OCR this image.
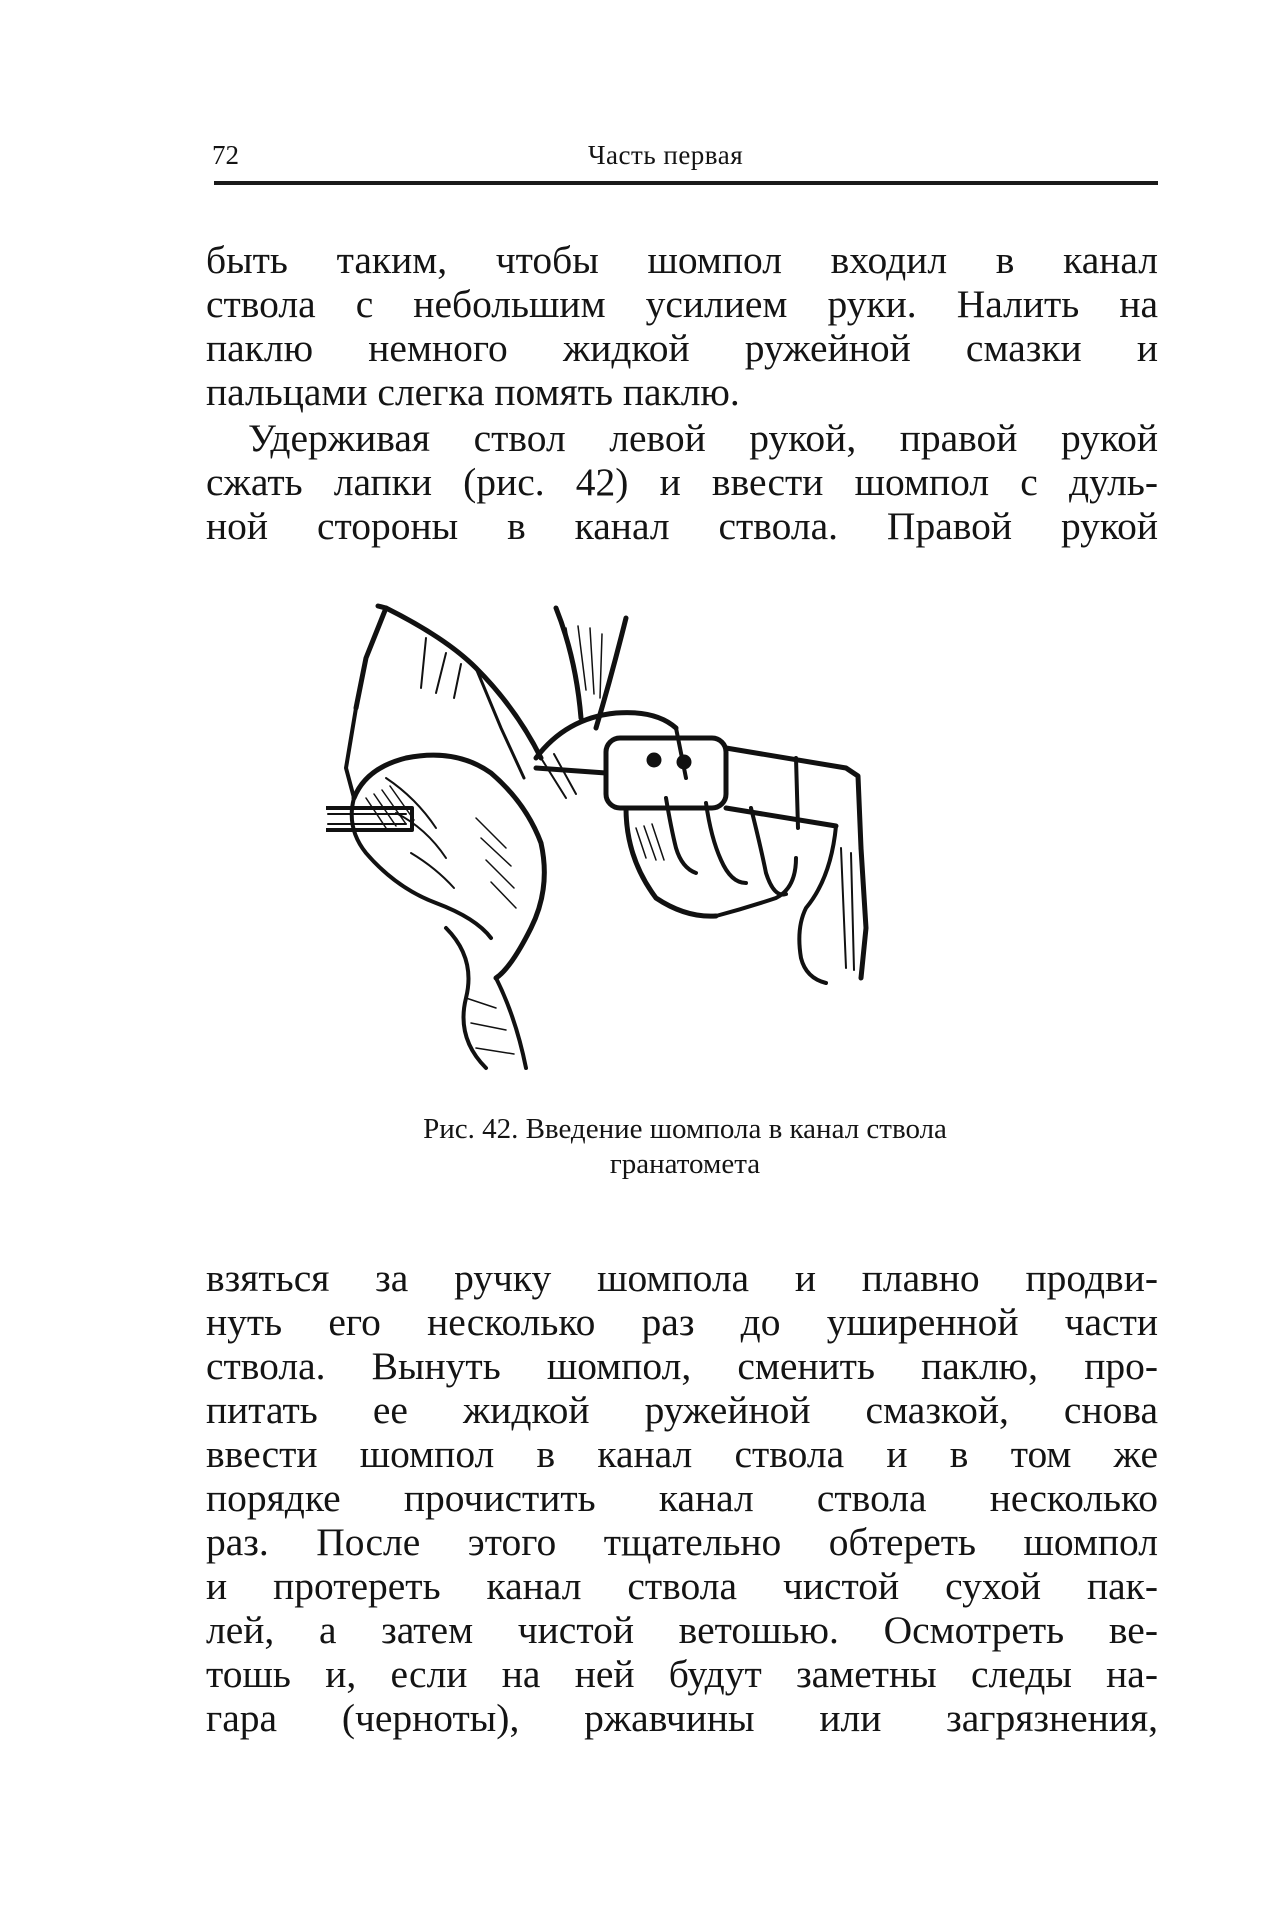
72	Часть первая
быть таким, чтобы шомпол входил в канал
ствола с небольшим усилием руки. Налить на
паклю немного жидкой ружейной смазки и
пальцами слегка помять паклю.
Удерживая ствол левой рукой, правой рукой
сжать лапки (рис. 42) и ввести шомпол с дуль-
ной стороны в канал ствола. Правой рукой
Рис. 42. Введение шомпола в канал ствола
гранатомета
взяться за ручку шомпола и плавно продви-
нуть его несколько раз до уширенной части
ствола. Вынуть шомпол, сменить паклю, про-
питать ее жидкой ружейной смазкой, снова
ввести шомпол в канал ствола и в том же
порядке прочистить канал ствола несколько
раз. После этого тщательно обтереть шомпол
и протереть канал ствола чистой сухой пак-
лей, а затем чистой ветошью. Осмотреть ве-
тошь и, если на ней будут заметны следы на-
гара (черноты), ржавчины или загрязнения,
